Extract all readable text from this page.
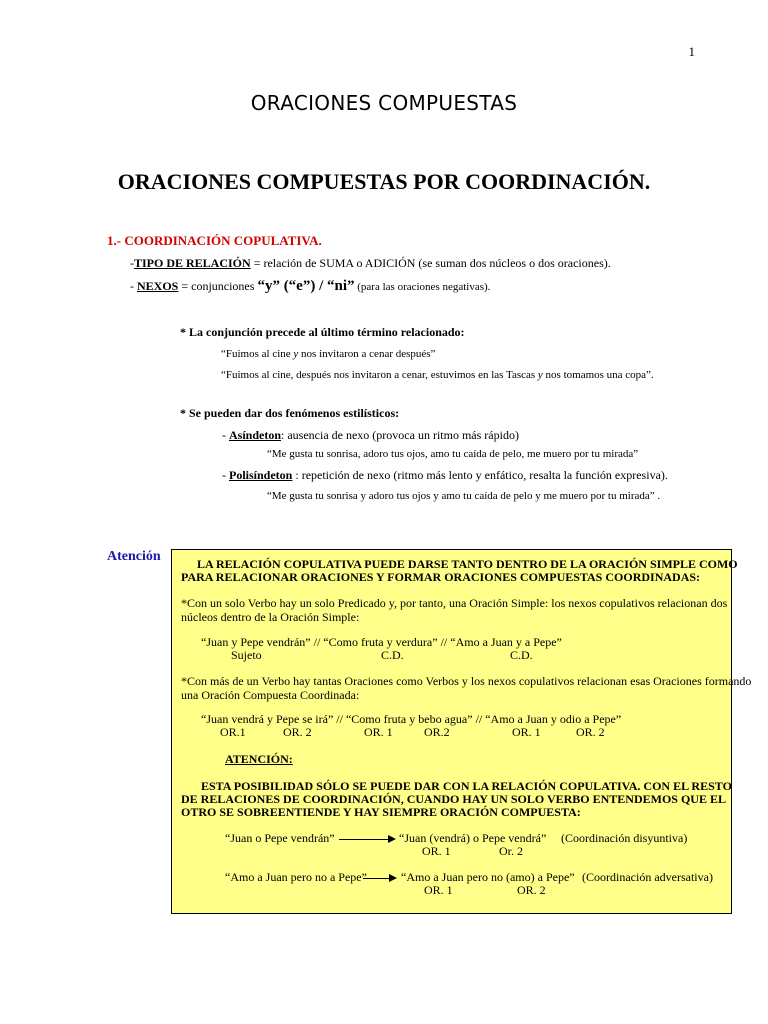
1
ORACIONES COMPUESTAS
ORACIONES COMPUESTAS POR COORDINACIÓN.
1.- COORDINACIÓN COPULATIVA.
-TIPO DE RELACIÓN = relación de SUMA o ADICIÓN (se suman dos núcleos o dos oraciones).
- NEXOS = conjunciones “y” (“e”) / “ni” (para las oraciones negativas).
* La conjunción precede al último término relacionado:
“Fuimos al cine y nos invitaron a cenar después”
“Fuimos al cine, después nos invitaron a cenar, estuvimos en las Tascas y nos tomamos una copa”.
* Se pueden dar dos fenómenos estilísticos:
- Asíndeton: ausencia de nexo (provoca un ritmo más rápido)
“Me gusta tu sonrisa, adoro tus ojos, amo tu caída de pelo, me muero por tu mirada”
- Polisíndeton : repetición de nexo (ritmo más lento y enfático, resalta la función expresiva).
“Me gusta tu sonrisa y adoro tus ojos y amo tu caída de pelo y me muero por tu mirada” .
Atención	LA RELACIÓN COPULATIVA PUEDE DARSE TANTO DENTRO DE LA ORACIÓN SIMPLE COMO
PARA RELACIONAR ORACIONES Y FORMAR ORACIONES COMPUESTAS COORDINADAS:
*Con un solo Verbo hay un solo Predicado y, por tanto, una Oración Simple: los nexos copulativos relacionan dos
núcleos dentro de la Oración Simple:
“Juan y Pepe vendrán” // “Como fruta y verdura” // “Amo a Juan y a Pepe”
Sujeto	C.D.	C.D.
*Con más de un Verbo hay tantas Oraciones como Verbos y los nexos copulativos relacionan esas Oraciones formando
una Oración Compuesta Coordinada:
“Juan vendrá y Pepe se irá” // “Como fruta y bebo agua” // “Amo a Juan y odio a Pepe”
OR.1	OR. 2	OR. 1	OR.2	OR. 1	OR. 2
ATENCIÓN:
ESTA POSIBILIDAD SÓLO SE PUEDE DAR CON LA RELACIÓN COPULATIVA. CON EL RESTO
DE RELACIONES DE COORDINACIÓN, CUANDO HAY UN SOLO VERBO ENTENDEMOS QUE EL
OTRO SE SOBREENTIENDE Y HAY SIEMPRE ORACIÓN COMPUESTA:
“Juan o Pepe vendrán”	“Juan (vendrá) o Pepe vendrá” (Coordinación disyuntiva)
OR. 1	Or. 2
“Amo a Juan pero no a Pepe”	“Amo a Juan pero no (amo) a Pepe” (Coordinación adversativa)
OR. 1	OR. 2
